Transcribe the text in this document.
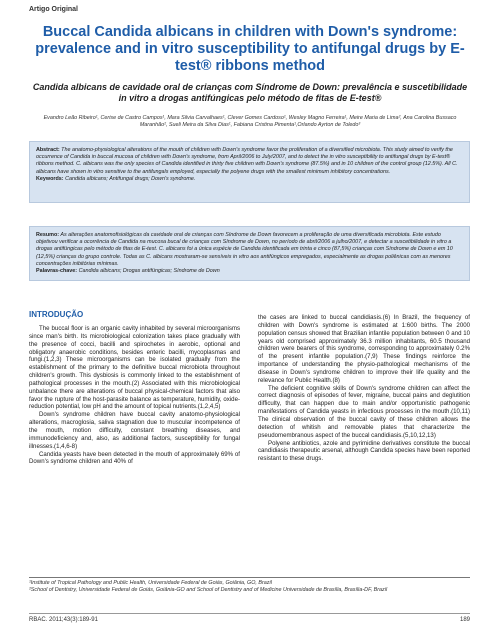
Artigo Original
Buccal Candida albicans in children with Down's syndrome: prevalence and in vitro susceptibility to antifungal drugs by E-test® ribbons method
Candida albicans de cavidade oral de crianças com Síndrome de Down: prevalência e suscetibilidade in vitro a drogas antifúngicas pelo método de fitas de E-test®
Evandro Leão Ribeiro¹, Cerise de Castro Campos¹, Mara Silvia Carvalhaes¹, Clever Gomes Cardoso¹, Wesley Magno Ferreira¹, Meire Maria de Lima², Ana Carolina Bussaco Maranhão², Sueli Meira da Silva Dias¹, Fabiana Cristina Pimenta¹,Orlando Ayrton de Toledo³
Abstract: The anatomo-physiological alterations of the mouth of children with Down's syndrome favor the proliferation of a diversified microbiota. This study aimed to verify the occurrence of Candida in buccal mucosa of children with Down's syndrome, from April/2006 to July/2007, and to detect the in vitro susceptibility to antifungal drugs by E-test® ribbons method. C. albicans was the only species of Candida identified in thirty five children with Down's syndrome (87.5%) and in 10 children of the control group (12.5%). All C. albicans have shown in vitro sensitive to the antifungals employed, especially the polyene drugs with the smallest minimum inhibitory concentrations.
Keywords: Candida albicans; Antifungal drugs; Down's syndrome.
Resumo: As alterações anatomofisiológicas da cavidade oral de crianças com Síndrome de Down favorecem a proliferação de uma diversificada microbiota. Este estudo objetivou verificar a ocorrência de Candida na mucosa bucal de crianças com Síndrome de Down, no período de abril/2006 a julho/2007, e detectar a suscetibilidade in vitro a drogas antifúngicas pelo método de fitas de E-test. C. albicans foi a única espécie de Candida identificada em trinta e cinco (87,5%) crianças com Síndrome de Down e em 10 (12,5%) crianças do grupo controle. Todas as C. albicans mostraram-se sensíveis in vitro aos antifúngicos empregados, especialmente as drogas poliênicas com as menores concentrações inibitórias mínimas.
Palavras-chave: Candida albicans; Drogas antifúngicas; Síndrome de Down
INTRODUÇÃO

The buccal floor is an organic cavity inhabited by several microorganisms since man's birth. Its microbiological colonization takes place gradually with the presence of cocci, bacilli and spirochetes in aerobic, optional and obligatory anaerobic conditions, besides enteric bacilli, mycoplasmas and fungi.(1,2,3) These microorganisms can be isolated gradually from the establishment of the primary to the definitive buccal microbiota throughout children's growth. This dysbiosis is commonly linked to the establishment of pathological processes in the mouth.(2) Associated with this microbiological unbalance there are alterations of buccal physical-chemical factors that also favor the rupture of the host-parasite balance as temperature, humidity, oxide-reduction potential, low pH and the amount of topical nutrients.(1,2,4,5)

Down's syndrome children have buccal cavity anatomo-physiological alterations, macroglosia, saliva stagnation due to muscular incompetence of the mouth, motion difficulty, constant breathing diseases, and immunodeficiency and, also, as additional factors, susceptibility for fungal illnesses.(1,4,6-8)

Candida yeasts have been detected in the mouth of approximately 69% of Down's syndrome children and 40% of

the cases are linked to buccal candidiasis.(6) In Brazil, the frequency of children with Down's syndrome is estimated at 1:600 births. The 2000 population census showed that Brazilian infantile population between 0 and 10 years old comprised approximately 36.3 million inhabitants, 60.5 thousand children were bearers of this syndrome, corresponding to approximately 0.2% of the present infantile population.(7,9) These findings reinforce the importance of understanding the physio-pathological mechanisms of the disease in Down's syndrome children to improve their life quality and the relevance for Public Health.(8)

The deficient cognitive skills of Down's syndrome children can affect the correct diagnosis of episodes of fever, migraine, buccal pains and deglutition difficulty, that can happen due to main and/or opportunistic pathogenic manifestations of Candida yeasts in infectious processes in the mouth.(10,11) The clinical observation of the buccal cavity of these children allows the detection of whitish and removable plates that characterize the pseudomembranous aspect of the buccal candidiasis.(5,10,12,13)

Polyene antibiotics, azole and pyrimidine derivatives constitute the buccal candidiasis therapeutic arsenal, although Candida species have been reported resistant to these drugs.

¹Institute of Tropical Pathology and Public Health, Universidade Federal de Goiás, Goiânia, GO, Brazil
²School of Dentistry, Universidade Federal de Goiás, Goiânia-GO and School of Dentistry and of Medicine Universidade de Brasília, Brasília-DF, Brazil
RBAC. 2011;43(3):189-91	189
